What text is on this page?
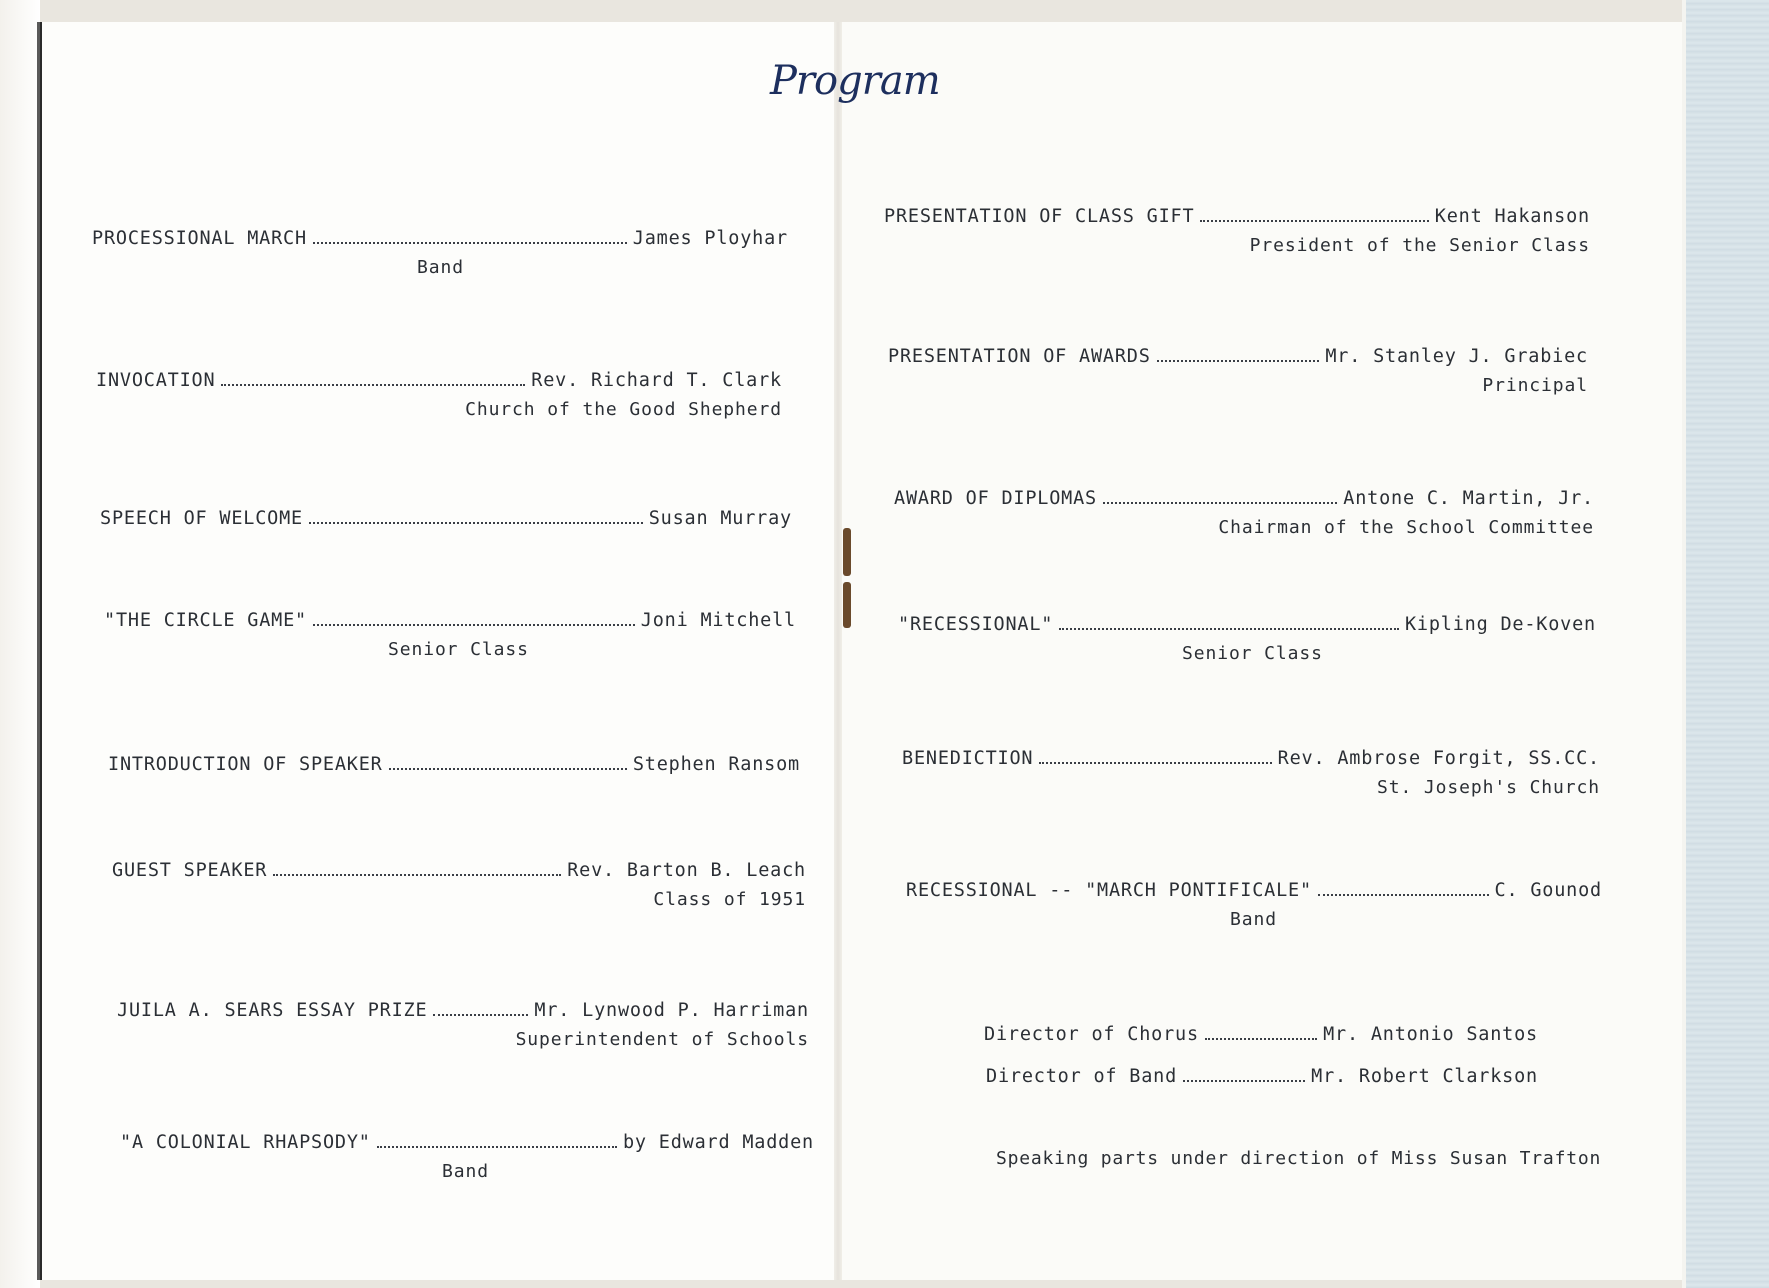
Program
PROCESSIONAL MARCH	James Ployhar
Band
INVOCATION	Rev. Richard T. Clark
Church of the Good Shepherd
SPEECH OF WELCOME	Susan Murray
"THE CIRCLE GAME"	Joni Mitchell
Senior Class
INTRODUCTION OF SPEAKER	Stephen Ransom
GUEST SPEAKER	Rev. Barton B. Leach
Class of 1951
JUILA A. SEARS ESSAY PRIZE	Mr. Lynwood P. Harriman
Superintendent of Schools
"A COLONIAL RHAPSODY"	by Edward Madden
Band
PRESENTATION OF CLASS GIFT	Kent Hakanson
President of the Senior Class
PRESENTATION OF AWARDS	Mr. Stanley J. Grabiec
Principal
AWARD OF DIPLOMAS	Antone C. Martin, Jr.
Chairman of the School Committee
"RECESSIONAL"	Kipling De-Koven
Senior Class
BENEDICTION	Rev. Ambrose Forgit, SS.CC.
St. Joseph's Church
RECESSIONAL -- "MARCH PONTIFICALE"	C. Gounod
Band
Director of Chorus	Mr. Antonio Santos
Director of Band	Mr. Robert Clarkson
Speaking parts under direction of Miss Susan Trafton
